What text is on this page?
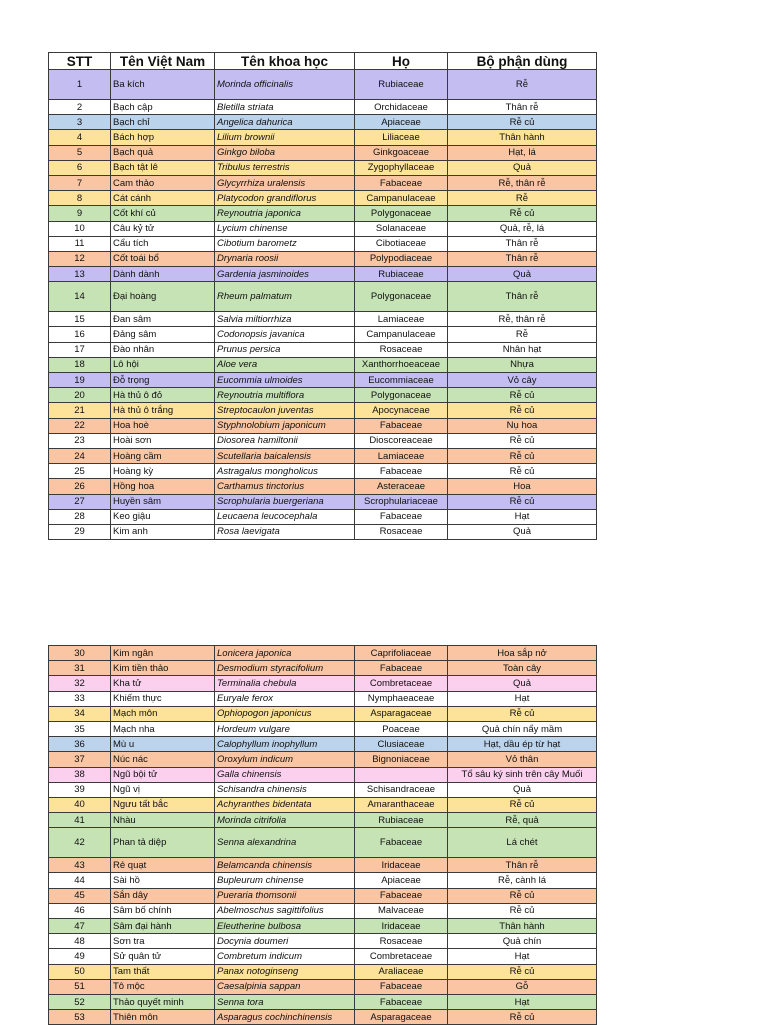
STT	Tên Việt Nam	Tên khoa học	Họ	Bộ phận dùng
1	Ba kích	Morinda officinalis	Rubiaceae	Rễ
2	Bạch cập	Bletilla striata	Orchidaceae	Thân rễ
3	Bạch chỉ	Angelica dahurica	Apiaceae	Rễ củ
4	Bách hợp	Lilium brownii	Liliaceae	Thân hành
5	Bạch quả	Ginkgo biloba	Ginkgoaceae	Hạt, lá
6	Bạch tật lê	Tribulus terrestris	Zygophyllaceae	Quả
7	Cam thảo	Glycyrrhiza uralensis	Fabaceae	Rễ, thân rễ
8	Cát cánh	Platycodon grandiflorus	Campanulaceae	Rễ
9	Cốt khí củ	Reynoutria japonica	Polygonaceae	Rễ củ
10	Câu kỷ tử	Lycium chinense	Solanaceae	Quả, rễ, lá
11	Cẩu tích	Cibotium barometz	Cibotiaceae	Thân rễ
12	Cốt toái bổ	Drynaria roosii	Polypodiaceae	Thân rễ
13	Dành dành	Gardenia jasminoides	Rubiaceae	Quả
14	Đại hoàng	Rheum palmatum	Polygonaceae	Thân rễ
15	Đan sâm	Salvia miltiorrhiza	Lamiaceae	Rễ, thân rễ
16	Đảng sâm	Codonopsis javanica	Campanulaceae	Rễ
17	Đào nhân	Prunus persica	Rosaceae	Nhân hạt
18	Lô hội	Aloe vera	Xanthorrhoeaceae	Nhựa
19	Đỗ trọng	Eucommia ulmoides	Eucommiaceae	Vỏ cây
20	Hà thủ ô đỏ	Reynoutria multiflora	Polygonaceae	Rễ củ
21	Hà thủ ô trắng	Streptocaulon juventas	Apocynaceae	Rễ củ
22	Hoa hoè	Styphnolobium japonicum	Fabaceae	Nụ hoa
23	Hoài sơn	Diosorea hamiltonii	Dioscoreaceae	Rễ củ
24	Hoàng cầm	Scutellaria baicalensis	Lamiaceae	Rễ củ
25	Hoàng kỳ	Astragalus mongholicus	Fabaceae	Rễ củ
26	Hồng hoa	Carthamus tinctorius	Asteraceae	Hoa
27	Huyền sâm	Scrophularia buergeriana	Scrophulariaceae	Rễ củ
28	Keo giậu	Leucaena leucocephala	Fabaceae	Hạt
29	Kim anh	Rosa laevigata	Rosaceae	Quả
30	Kim ngân	Lonicera japonica	Caprifoliaceae	Hoa sắp nở
31	Kim tiền thảo	Desmodium styracifolium	Fabaceae	Toàn cây
32	Kha tử	Terminalia chebula	Combretaceae	Quả
33	Khiếm thực	Euryale ferox	Nymphaeaceae	Hạt
34	Mạch môn	Ophiopogon japonicus	Asparagaceae	Rễ củ
35	Mạch nha	Hordeum vulgare	Poaceae	Quả chín nẩy mầm
36	Mù u	Calophyllum inophyllum	Clusiaceae	Hạt, dầu ép từ hạt
37	Núc nác	Oroxylum indicum	Bignoniaceae	Vỏ thân
38	Ngũ bội tử	Galla chinensis		Tổ sâu ký sinh trên cây Muối
39	Ngũ vị	Schisandra chinensis	Schisandraceae	Quả
40	Ngưu tất bắc	Achyranthes bidentata	Amaranthaceae	Rễ củ
41	Nhàu	Morinda citrifolia	Rubiaceae	Rễ, quả
42	Phan tả diệp	Senna alexandrina	Fabaceae	Lá chét
43	Rẻ quạt	Belamcanda chinensis	Iridaceae	Thân rễ
44	Sài hồ	Bupleurum chinense	Apiaceae	Rễ, cành lá
45	Sắn dây	Pueraria thomsonii	Fabaceae	Rễ củ
46	Sâm bố chính	Abelmoschus sagittifolius	Malvaceae	Rễ củ
47	Sâm đại hành	Eleutherine bulbosa	Iridaceae	Thân hành
48	Sơn tra	Docynia doumeri	Rosaceae	Quả chín
49	Sử quân tử	Combretum indicum	Combretaceae	Hạt
50	Tam thất	Panax notoginseng	Araliaceae	Rễ củ
51	Tô mộc	Caesalpinia sappan	Fabaceae	Gỗ
52	Thảo quyết minh	Senna tora	Fabaceae	Hạt
53	Thiên môn	Asparagus cochinchinensis	Asparagaceae	Rễ củ
